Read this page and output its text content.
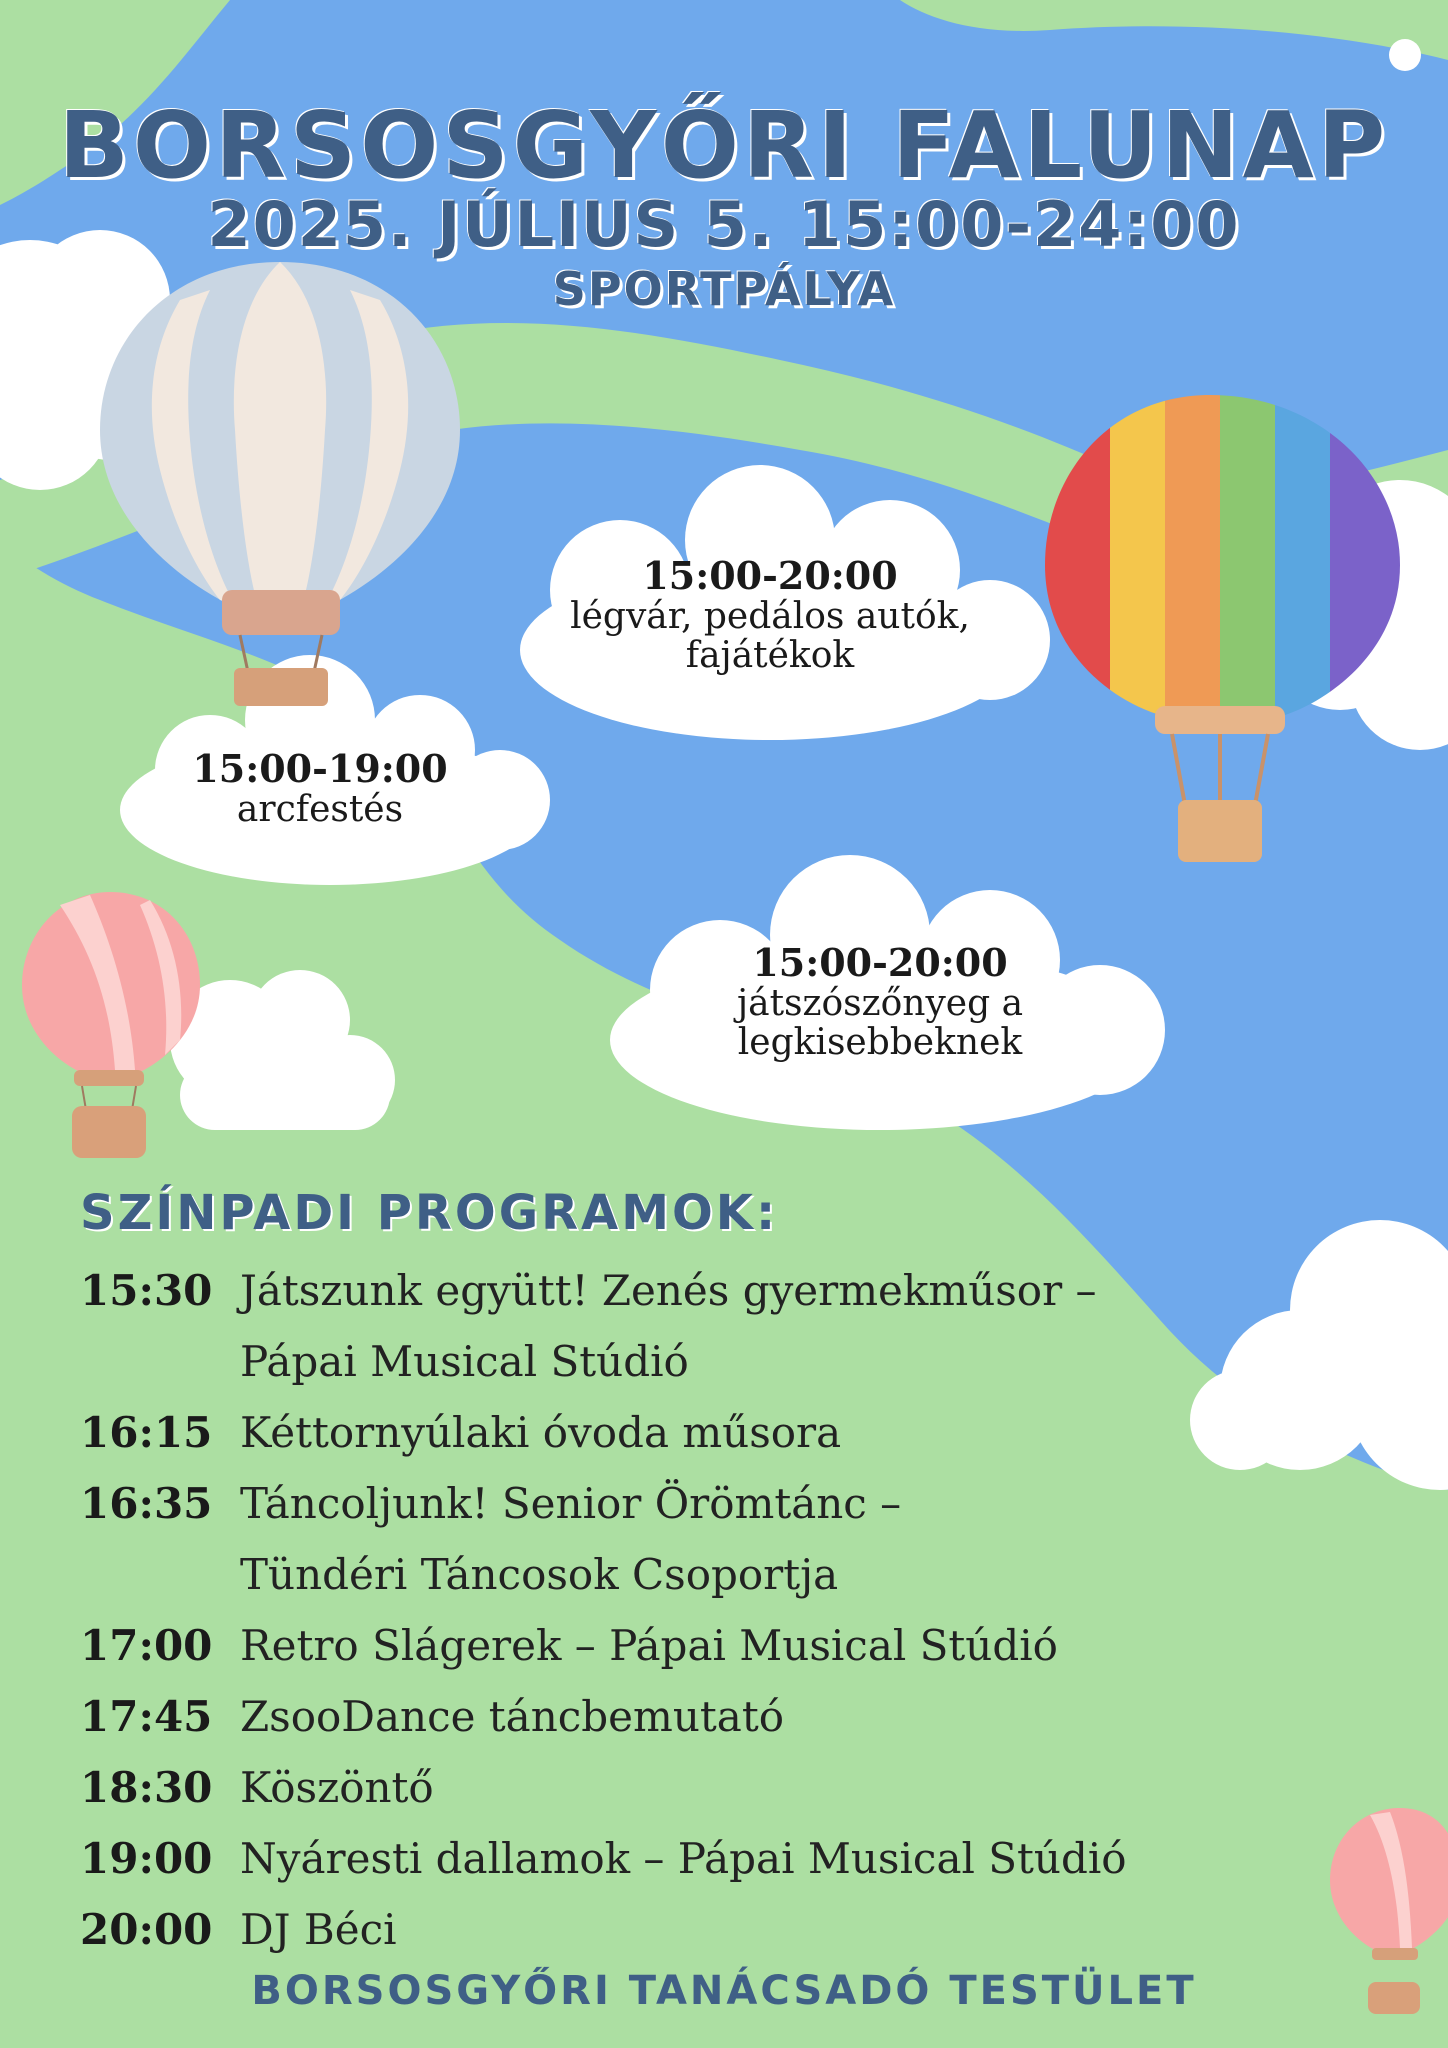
BORSOSGYŐRI FALUNAP
2025. JÚLIUS 5. 15:00-24:00
SPORTPÁLYA
15:00-20:00
légvár, pedálos autók,
fajátékok
15:00-19:00
arcfestés
15:00-20:00
játszószőnyeg a
legkisebbeknek
SZÍNPADI PROGRAMOK:
15:30 Játszunk együtt! Zenés gyermekműsor –
Pápai Musical Stúdió
16:15 Kéttornyúlaki óvoda műsora
16:35 Táncoljunk! Senior Örömtánc –
Tündéri Táncosok Csoportja
17:00 Retro Slágerek – Pápai Musical Stúdió
17:45 ZsooDance táncbemutató
18:30 Köszöntő
19:00 Nyáresti dallamok – Pápai Musical Stúdió
20:00 DJ Béci
BORSOSGYŐRI TANÁCSADÓ TESTÜLET
